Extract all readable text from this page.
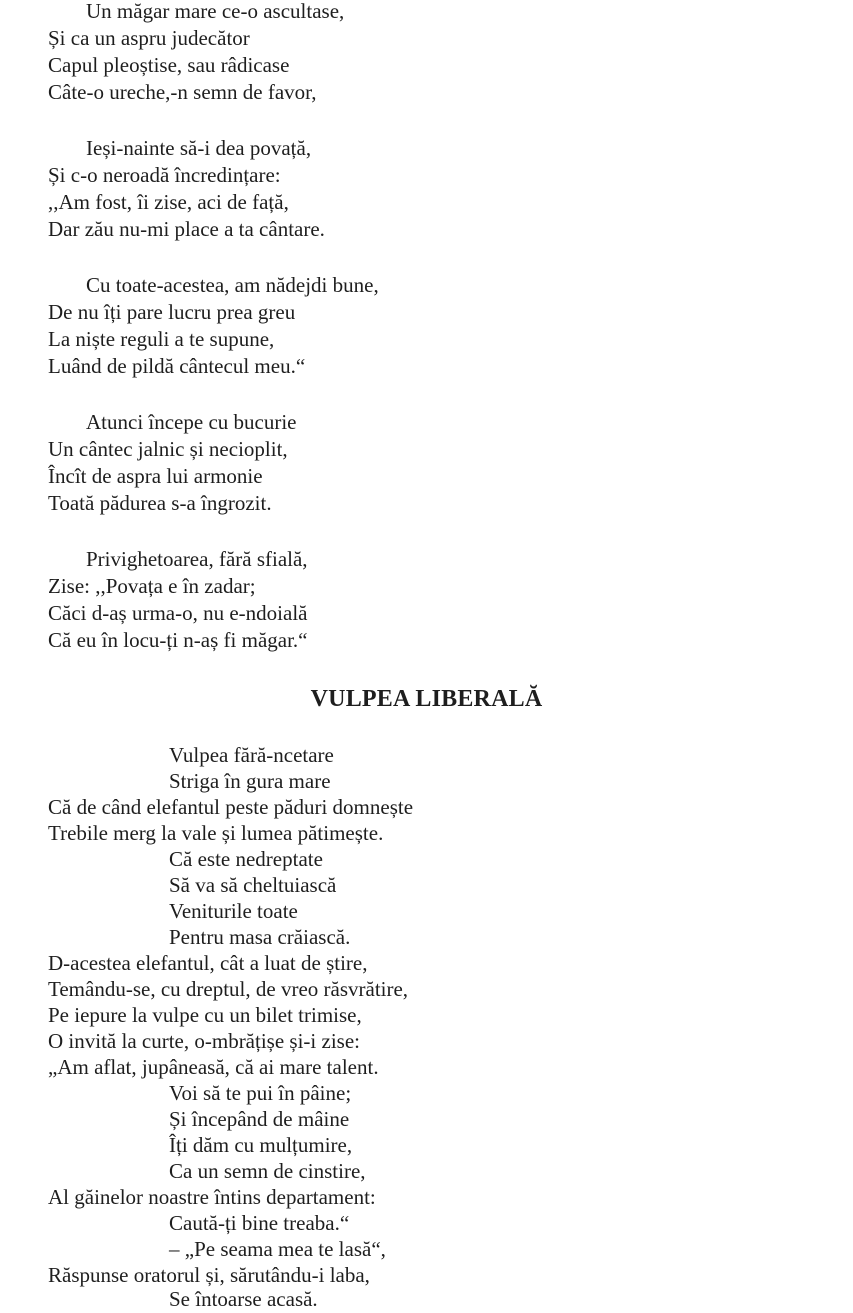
Un măgar mare ce-o ascultase,
Și ca un aspru judecător
Capul pleoștise, sau râdicase
Câte-o ureche,-n semn de favor,
Ieși-nainte să-i dea povață,
Și c-o neroadă încredințare:
,,Am fost, îi zise, aci de față,
Dar zău nu-mi place a ta cântare.
Cu toate-acestea, am nădejdi bune,
De nu îți pare lucru prea greu
La niște reguli a te supune,
Luând de pildă cântecul meu.“
Atunci începe cu bucurie
Un cântec jalnic și necioplit,
Încît de aspra lui armonie
Toată pădurea s-a îngrozit.
Privighetoarea, fără sfială,
Zise: ,,Povața e în zadar;
Căci d-aș urma-o, nu e-ndoială
Că eu în locu-ți n-aș fi măgar.“
VULPEA LIBERALĂ
Vulpea fără-ncetare
Striga în gura mare
Că de când elefantul peste păduri domnește
Trebile merg la vale și lumea pătimește.
Că este nedreptate
Să va să cheltuiască
Veniturile toate
Pentru masa crăiască.
D-acestea elefantul, cât a luat de știre,
Temându-se, cu dreptul, de vreo răsvrătire,
Pe iepure la vulpe cu un bilet trimise,
O invită la curte, o-mbrățișe și-i zise:
„Am aflat, jupâneasă, că ai mare talent.
Voi să te pui în pâine;
Și începând de mâine
Îți dăm cu mulțumire,
Ca un semn de cinstire,
Al găinelor noastre întins departament:
Caută-ți bine treaba.“
– „Pe seama mea te lasă“,
Răspunse oratorul și, sărutându-i laba,
Se întoarse acasă.
